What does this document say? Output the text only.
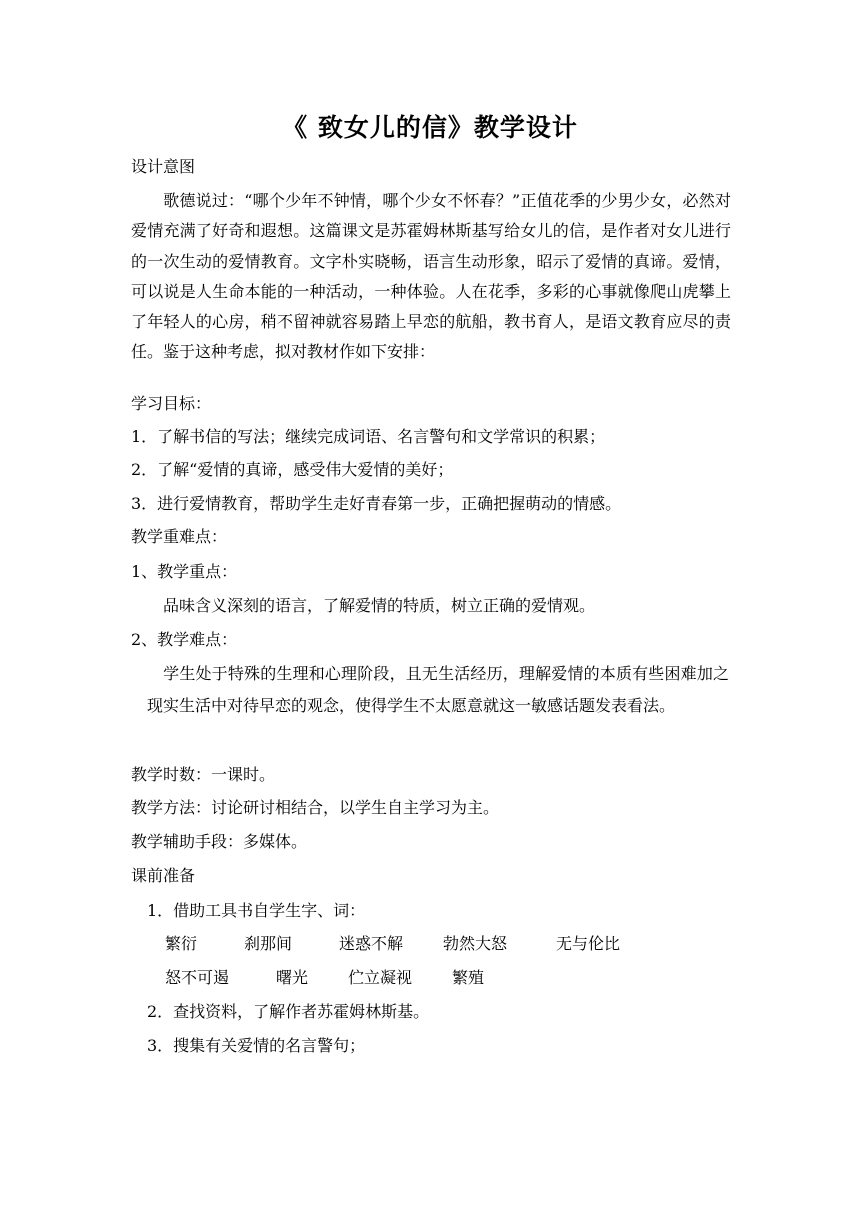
《 致女儿的信》教学设计
设计意图
歌德说过：“哪个少年不钟情，哪个少女不怀春？”正值花季的少男少女，必然对爱情充满了好奇和遐想。这篇课文是苏霍姆林斯基写给女儿的信，是作者对女儿进行的一次生动的爱情教育。文字朴实晓畅，语言生动形象，昭示了爱情的真谛。爱情，可以说是人生命本能的一种活动，一种体验。人在花季，多彩的心事就像爬山虎攀上了年轻人的心房，稍不留神就容易踏上早恋的航船，教书育人，是语文教育应尽的责任。鉴于这种考虑，拟对教材作如下安排：
学习目标：
1．了解书信的写法；继续完成词语、名言警句和文学常识的积累；
2．了解“爱情的真谛，感受伟大爱情的美好；
3．进行爱情教育，帮助学生走好青春第一步，正确把握萌动的情感。
教学重难点：
1、教学重点：
品味含义深刻的语言，了解爱情的特质，树立正确的爱情观。
2、教学难点：
学生处于特殊的生理和心理阶段，且无生活经历，理解爱情的本质有些困难加之现实生活中对待早恋的观念，使得学生不太愿意就这一敏感话题发表看法。
教学时数：一课时。
教学方法：讨论研讨相结合，以学生自主学习为主。
教学辅助手段：多媒体。
课前准备
1．借助工具书自学生字、词：
繁衍	刹那间	迷惑不解 勃然大怒	无与伦比
怒不可遏	曙光 伫立凝视 繁殖
2．查找资料，了解作者苏霍姆林斯基。
3．搜集有关爱情的名言警句；
